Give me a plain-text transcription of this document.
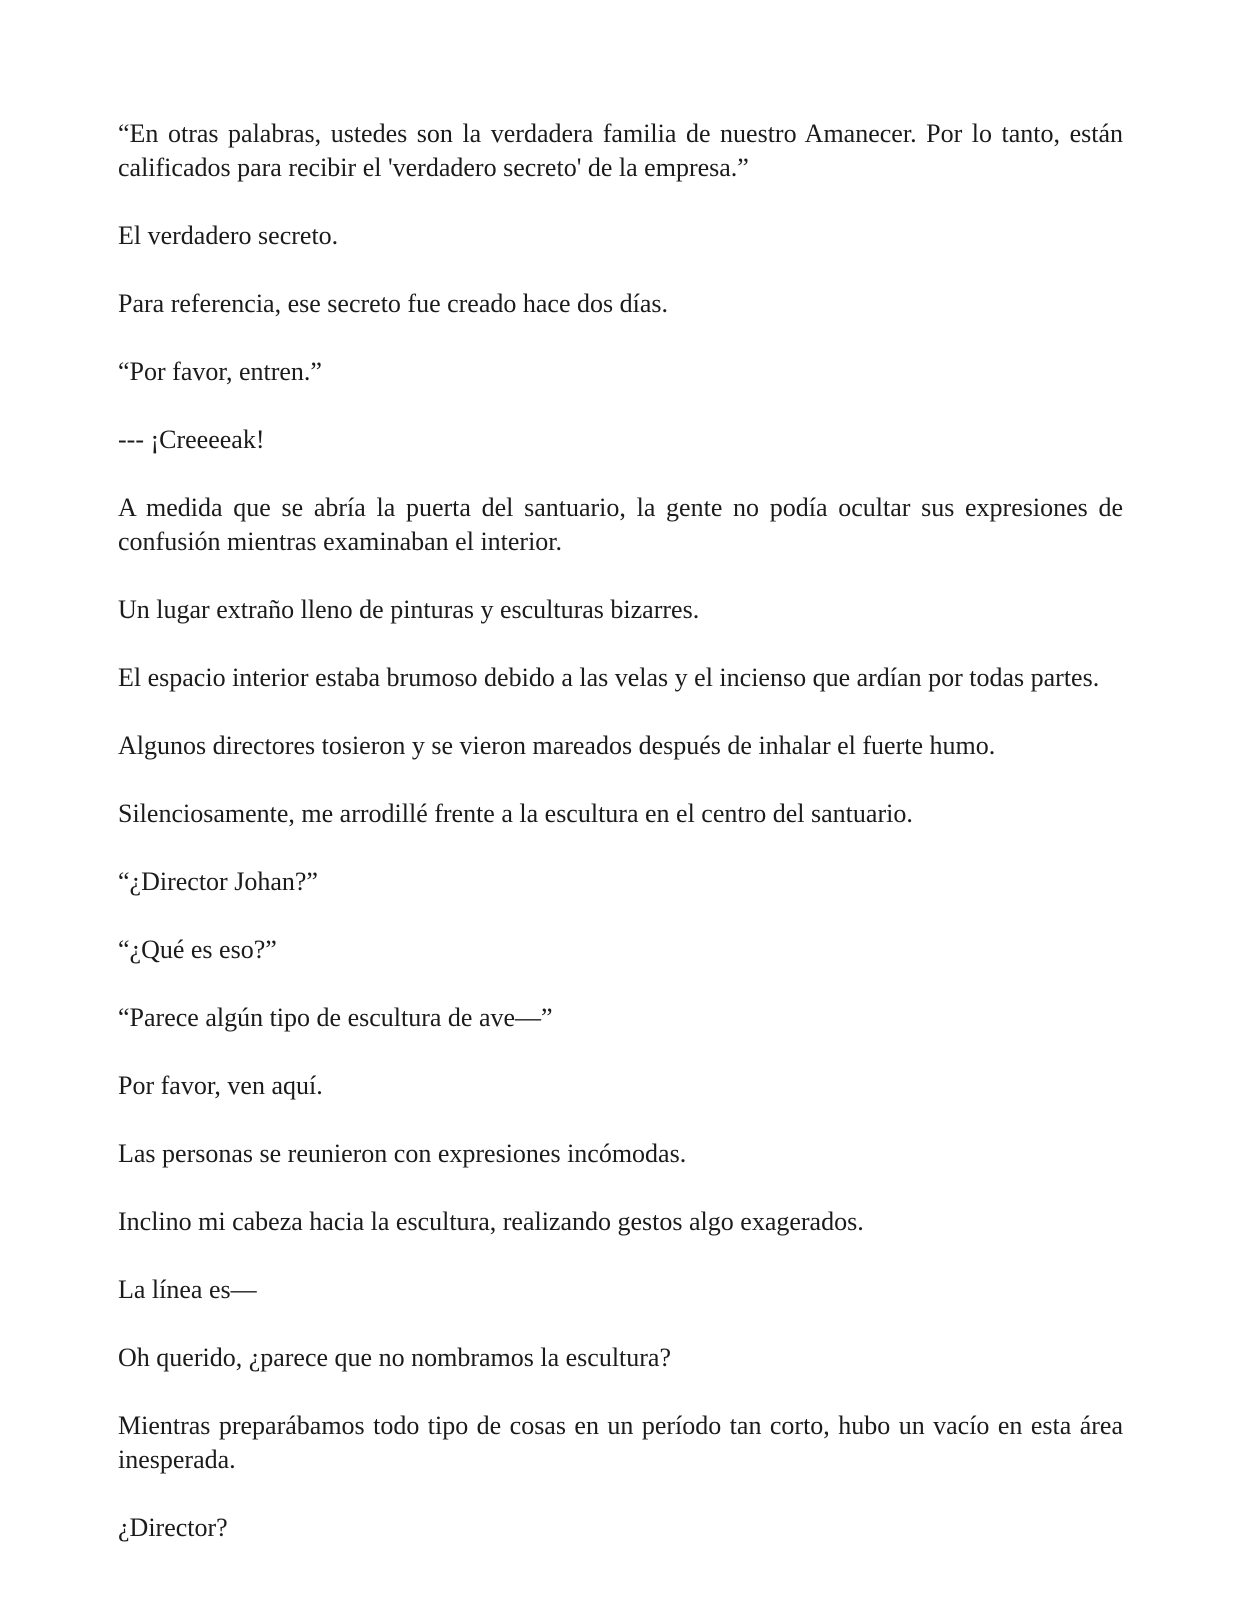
“En otras palabras, ustedes son la verdadera familia de nuestro Amanecer. Por lo tanto, están calificados para recibir el 'verdadero secreto' de la empresa.”

El verdadero secreto.

Para referencia, ese secreto fue creado hace dos días.

“Por favor, entren.”

--- ¡Creeeeak!

A medida que se abría la puerta del santuario, la gente no podía ocultar sus expresiones de confusión mientras examinaban el interior.

Un lugar extraño lleno de pinturas y esculturas bizarres.

El espacio interior estaba brumoso debido a las velas y el incienso que ardían por todas partes.

Algunos directores tosieron y se vieron mareados después de inhalar el fuerte humo.

Silenciosamente, me arrodillé frente a la escultura en el centro del santuario.

“¿Director Johan?”

“¿Qué es eso?”

“Parece algún tipo de escultura de ave—”

Por favor, ven aquí.

Las personas se reunieron con expresiones incómodas.

Inclino mi cabeza hacia la escultura, realizando gestos algo exagerados.

La línea es—

Oh querido, ¿parece que no nombramos la escultura?

Mientras preparábamos todo tipo de cosas en un período tan corto, hubo un vacío en esta área inesperada.

¿Director?
